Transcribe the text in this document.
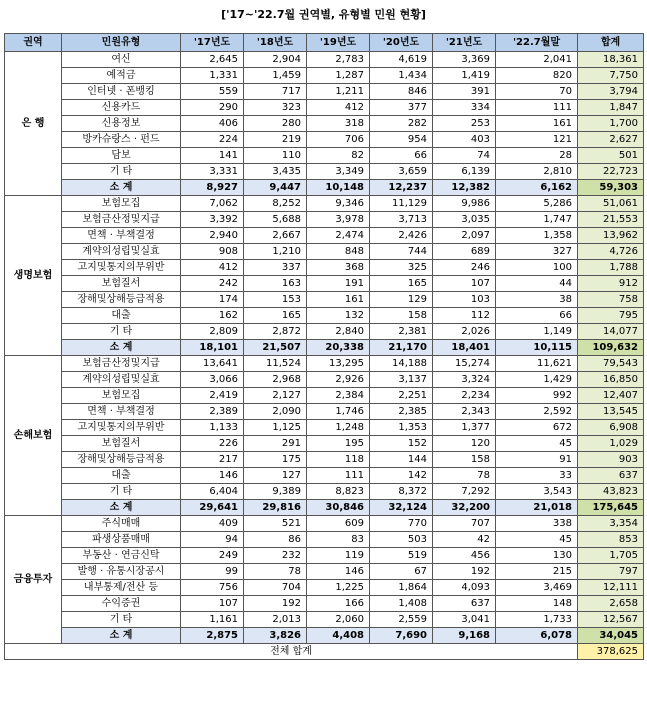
['17~'22.7월 권역별, 유형별 민원 현황]
권역	민원유형	'17년도	'18년도	'19년도	'20년도	'21년도	'22.7월말	합계
은 행	여신	2,645	2,904	2,783	4,619	3,369	2,041	18,361
	예적금	1,331	1,459	1,287	1,434	1,419	820	7,750
	인터넷 · 폰뱅킹	559	717	1,211	846	391	70	3,794
	신용카드	290	323	412	377	334	111	1,847
	신용정보	406	280	318	282	253	161	1,700
	방카슈랑스 · 펀드	224	219	706	954	403	121	2,627
	담보	141	110	82	66	74	28	501
	기 타	3,331	3,435	3,349	3,659	6,139	2,810	22,723
	소 계	8,927	9,447	10,148	12,237	12,382	6,162	59,303
생명보험	보험모집	7,062	8,252	9,346	11,129	9,986	5,286	51,061
	보험금산정및지급	3,392	5,688	3,978	3,713	3,035	1,747	21,553
	면책 · 부책결정	2,940	2,667	2,474	2,426	2,097	1,358	13,962
	계약의성립및실효	908	1,210	848	744	689	327	4,726
	고지및통지의무위반	412	337	368	325	246	100	1,788
	보험질서	242	163	191	165	107	44	912
	장해및상해등급적용	174	153	161	129	103	38	758
	대출	162	165	132	158	112	66	795
	기 타	2,809	2,872	2,840	2,381	2,026	1,149	14,077
	소 계	18,101	21,507	20,338	21,170	18,401	10,115	109,632
손해보험	보험금산정및지급	13,641	11,524	13,295	14,188	15,274	11,621	79,543
	계약의성립및실효	3,066	2,968	2,926	3,137	3,324	1,429	16,850
	보험모집	2,419	2,127	2,384	2,251	2,234	992	12,407
	면책 · 부책결정	2,389	2,090	1,746	2,385	2,343	2,592	13,545
	고지및통지의무위반	1,133	1,125	1,248	1,353	1,377	672	6,908
	보험질서	226	291	195	152	120	45	1,029
	장해및상해등급적용	217	175	118	144	158	91	903
	대출	146	127	111	142	78	33	637
	기 타	6,404	9,389	8,823	8,372	7,292	3,543	43,823
	소 계	29,641	29,816	30,846	32,124	32,200	21,018	175,645
금융투자	주식매매	409	521	609	770	707	338	3,354
	파생상품매매	94	86	83	503	42	45	853
	부동산 · 연금신탁	249	232	119	519	456	130	1,705
	발행 · 유통시장공시	99	78	146	67	192	215	797
	내부통제/전산 등	756	704	1,225	1,864	4,093	3,469	12,111
	수익증권	107	192	166	1,408	637	148	2,658
	기 타	1,161	2,013	2,060	2,559	3,041	1,733	12,567
	소 계	2,875	3,826	4,408	7,690	9,168	6,078	34,045
전체 합계								378,625
